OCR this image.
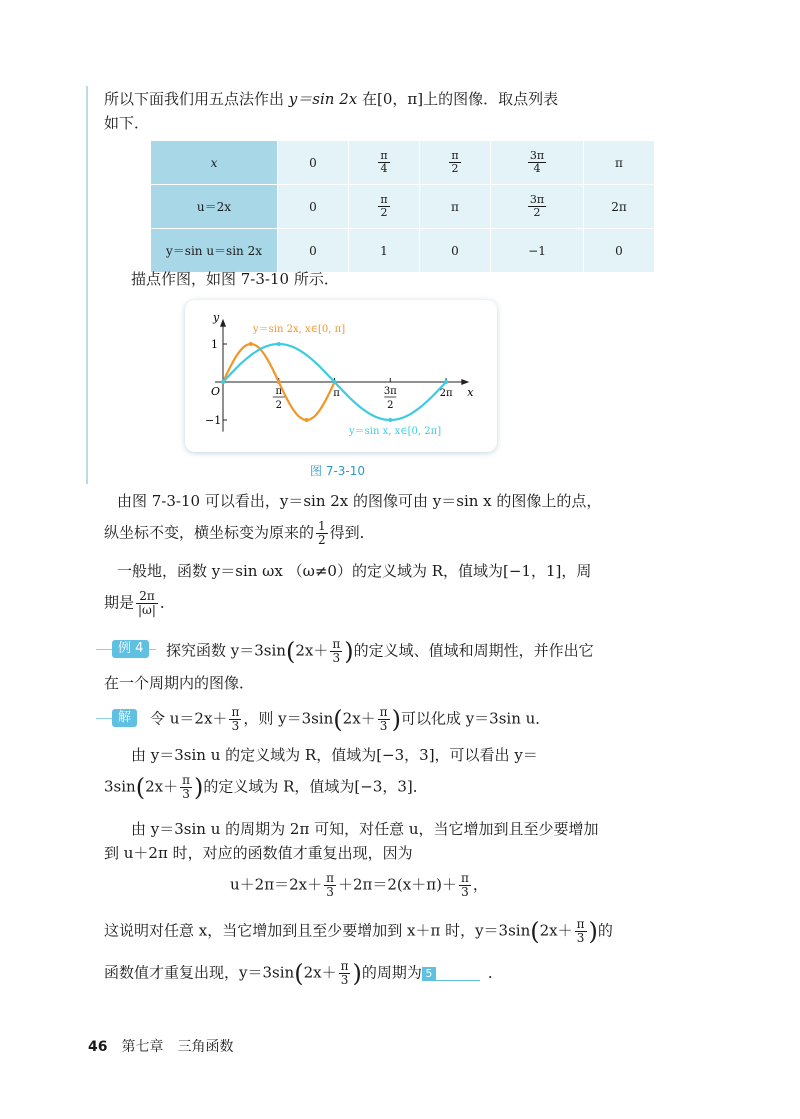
所以下面我们用五点法作出 y＝sin 2x 在[0，π]上的图像．取点列表
如下．
x	0	$\frac{\pi}{4}$	$\frac{\pi}{2}$	$\frac{3\pi}{4}$	π
u＝2x	0	$\frac{\pi}{2}$	π	$\frac{3\pi}{2}$	2π
y＝sin u＝sin 2x	0	1	0	−1	0
描点作图，如图 7-3-10 所示．
x
y
O
1
−1
π
2
π	3π
2
2π
y＝sin 2x, x∈[0, π]
y＝sin x, x∈[0, 2π]
图 7-3-10
由图 7-3-10 可以看出，y＝sin 2x 的图像可由 y＝sin x 的图像上的点，
纵坐标不变，横坐标变为原来的 $\frac{1}{2}$ 得到．
一般地，函数 y＝sin ωx （ω≠0）的定义域为 R，值域为[−1，1]，周
期是 $\frac{2\pi}{|\omega|}$ ．
例 4	探究函数 $y=3\sin(2x+ \frac{\pi}{3}$ )的定义域、值域和周期性，并作出它
在一个周期内的图像．
解	令 $u=2x+ \frac{\pi}{3}$ ，则 $y=3\sin(2x+ \frac{\pi}{3}$ )可以化成 y＝3sin u．
由 y＝3sin u 的定义域为 R，值域为[−3，3]，可以看出 y＝
$3\sin(2x+ \frac{\pi}{3}$ )的定义域为 R，值域为[−3，3]．
由 y＝3sin u 的周期为 2π 可知，对任意 u，当它增加到且至少要增加
到 u＋2π 时，对应的函数值才重复出现，因为
$u+2\pi=2x+ \frac{\pi}{3} +2\pi=2(x+\pi)+ \frac{\pi}{3}$ ，
这说明对任意 x，当它增加到且至少要增加到 x＋π 时，$y=3\sin(2x+ \frac{\pi}{3}$ )的
函数值才重复出现，$y=3\sin(2x+ \frac{\pi}{3}$ )的周期为 5	．
46 第七章　三角函数
